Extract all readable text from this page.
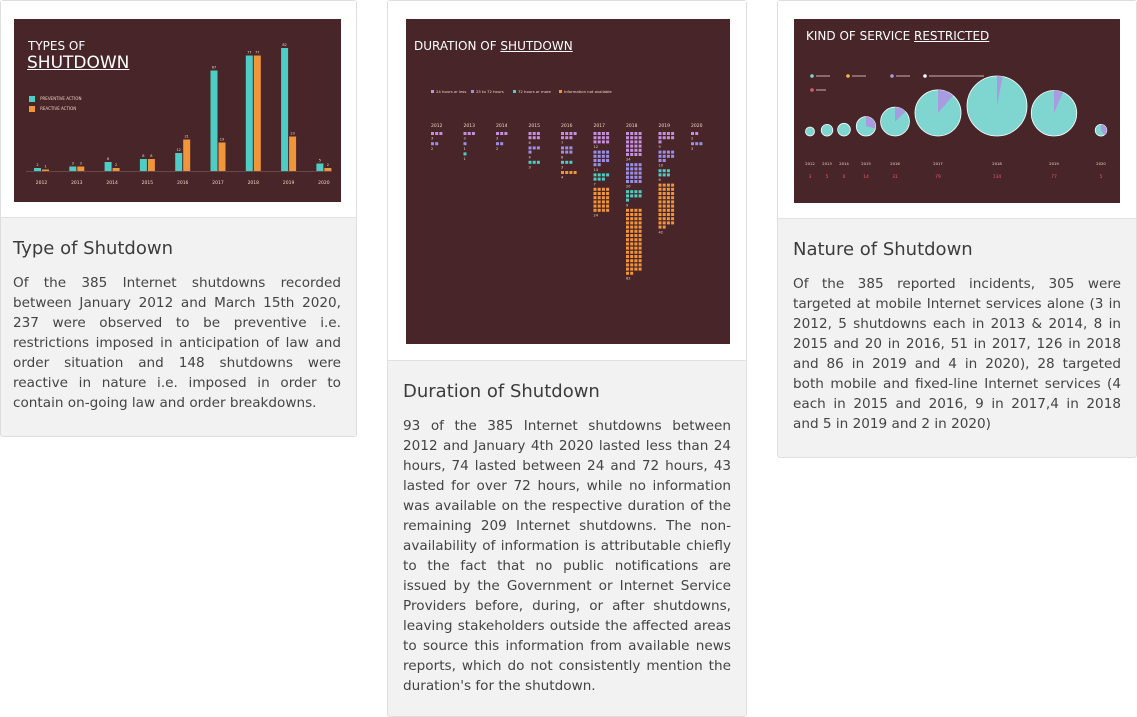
TYPES OF
SHUTDOWN
PREVENTIVE ACTION
REACTIVE ACTION
2 1
2012
3 3
2013
6
2
2014
8 8
2015
12
21
2016
67
19
2017
77 77
2018
82
23
2019
5
2
2020
Type of Shutdown

Of the 385 Internet shutdowns recorded between January 2012 and March 15th 2020, 237 were observed to be preventive i.e. restrictions imposed in anticipation of law and order situation and 148 shutdowns were reactive in nature i.e. imposed in order to contain on-going law and order breakdowns.

DURATION OF SHUTDOWN
24 hours or less	25 to 72 hours	72 hours or more	Information not available
2012
3
2
2013
3
1
1
2014
3
2
2015
6
4
3
2016
7
6
3
4
2017
12
14
7
24
2018
24
20
9
62
2019
9
10
6
42
2020
2
3
Duration of Shutdown

93 of the 385 Internet shutdowns between 2012 and January 4th 2020 lasted less than 24 hours, 74 lasted between 24 and 72 hours, 43 lasted for over 72 hours, while no information was available on the respective duration of the remaining 209 Internet shutdowns. The non-availability of information is attributable chiefly to the fact that no public notifications are issued by the Government or Internet Service Providers before, during, or after shutdowns, leaving stakeholders outside the affected areas to source this information from available news reports, which do not consistently mention the duration's for the shutdown.

KIND OF SERVICE RESTRICTED
2012
3
2013
5
2014
6
2015
14
2016
31
2017
79
2018
134
2019
77
2020
5
Nature of Shutdown

Of the 385 reported incidents, 305 were targeted at mobile Internet services alone (3 in 2012, 5 shutdowns each in 2013 & 2014, 8 in 2015 and 20 in 2016, 51 in 2017, 126 in 2018 and 86 in 2019 and 4 in 2020), 28 targeted both mobile and fixed-line Internet services (4 each in 2015 and 2016, 9 in 2017,4 in 2018 and 5 in 2019 and 2 in 2020)
